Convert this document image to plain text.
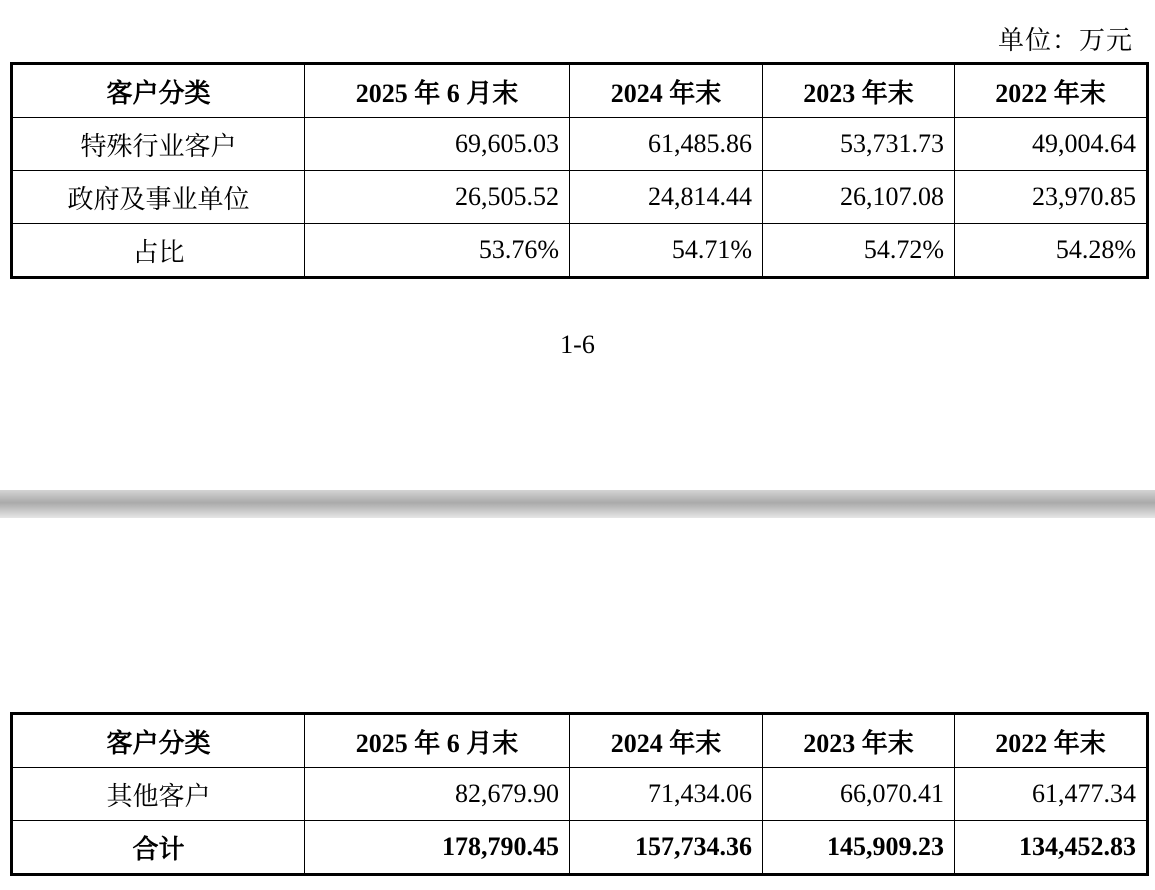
单位：万元
客户分类	2025 年 6 月末	2024 年末	2023 年末	2022 年末
特殊行业客户	69,605.03	61,485.86	53,731.73	49,004.64
政府及事业单位	26,505.52	24,814.44	26,107.08	23,970.85
占比	53.76%	54.71%	54.72%	54.28%
1-6
客户分类	2025 年 6 月末	2024 年末	2023 年末	2022 年末
其他客户	82,679.90	71,434.06	66,070.41	61,477.34
合计	178,790.45	157,734.36	145,909.23	134,452.83
